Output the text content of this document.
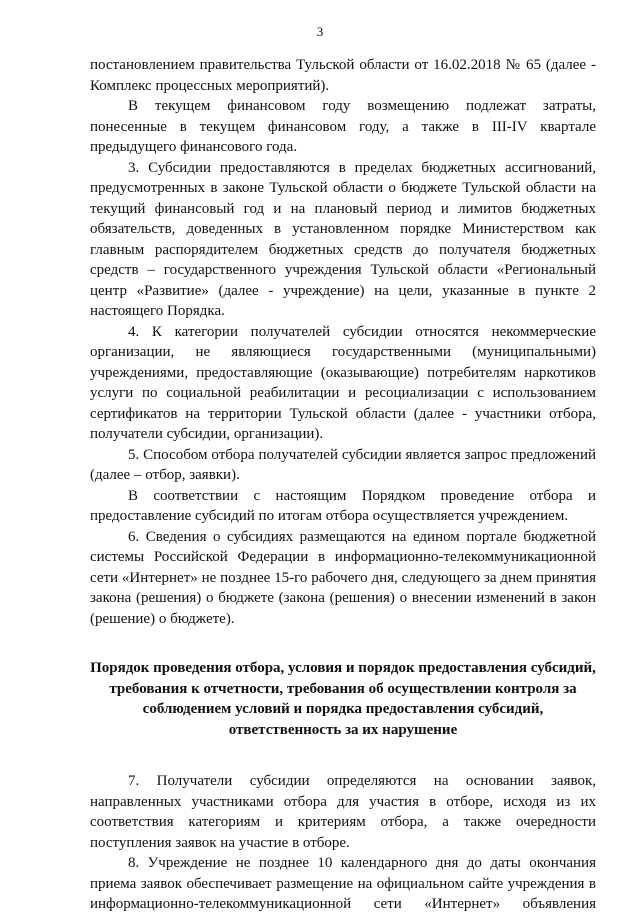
3

постановлением правительства Тульской области от 16.02.2018 № 65 (далее - Комплекс процессных мероприятий).

В текущем финансовом году возмещению подлежат затраты, понесенные в текущем финансовом году, а также в III-IV квартале предыдущего финансового года.

3. Субсидии предоставляются в пределах бюджетных ассигнований, предусмотренных в законе Тульской области о бюджете Тульской области на текущий финансовый год и на плановый период и лимитов бюджетных обязательств, доведенных в установленном порядке Министерством как главным распорядителем бюджетных средств до получателя бюджетных средств – государственного учреждения Тульской области «Региональный центр «Развитие» (далее - учреждение) на цели, указанные в пункте 2 настоящего Порядка.

4. К категории получателей субсидии относятся некоммерческие организации, не являющиеся государственными (муниципальными) учреждениями, предоставляющие (оказывающие) потребителям наркотиков услуги по социальной реабилитации и ресоциализации с использованием сертификатов на территории Тульской области (далее - участники отбора, получатели субсидии, организации).

5. Способом отбора получателей субсидии является запрос предложений (далее – отбор, заявки).

В соответствии с настоящим Порядком проведение отбора и предоставление субсидий по итогам отбора осуществляется учреждением.

6. Сведения о субсидиях размещаются на едином портале бюджетной системы Российской Федерации в информационно-телекоммуникационной сети «Интернет» не позднее 15-го рабочего дня, следующего за днем принятия закона (решения) о бюджете (закона (решения) о внесении изменений в закон (решение) о бюджете).

Порядок проведения отбора, условия и порядок предоставления субсидий, требования к отчетности, требования об осуществлении контроля за соблюдением условий и порядка предоставления субсидий, ответственность за их нарушение

7. Получатели субсидии определяются на основании заявок, направленных участниками отбора для участия в отборе, исходя из их соответствия категориям и критериям отбора, а также очередности поступления заявок на участие в отборе.

8. Учреждение не позднее 10 календарного дня до даты окончания приема заявок обеспечивает размещение на официальном сайте учреждения в информационно-телекоммуникационной сети «Интернет» объявления
